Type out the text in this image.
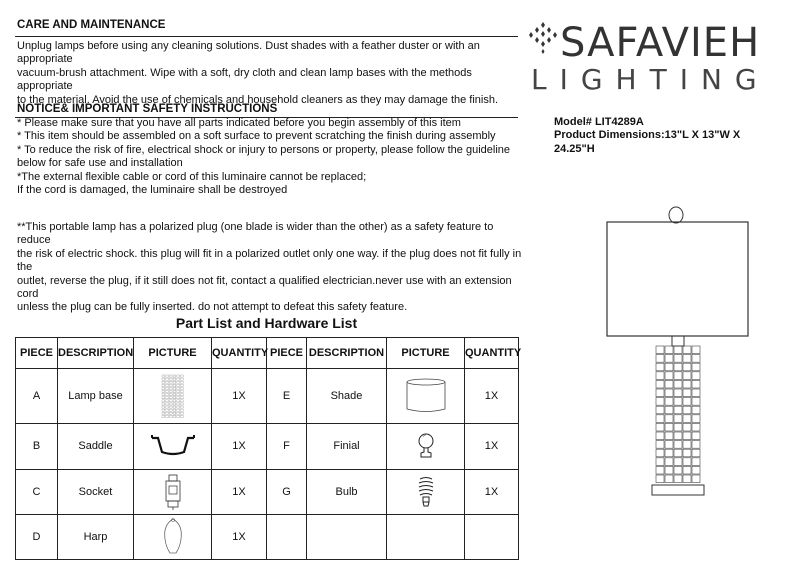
CARE AND MAINTENANCE
Unplug lamps before using any cleaning solutions. Dust shades with a feather duster or with an appropriate
vacuum-brush attachment. Wipe with a soft, dry cloth and clean lamp bases with the methods appropriate
to the material. Avoid the use of chemicals and household cleaners as they may damage the finish.
NOTICE& IMPORTANT SAFETY INSTRUCTIONS
* Please make sure that you have all parts indicated before you begin assembly of this item
* This item should be assembled on a soft surface to prevent scratching the finish during assembly
* To reduce the risk of fire, electrical shock or injury to persons or property, please follow the guideline
below for safe use and installation
*The external flexible cable or cord of this luminaire cannot be replaced;
If the cord is damaged, the luminaire shall be destroyed
**This portable lamp has a polarized plug (one blade is wider than the other) as a safety feature to reduce
the risk of electric shock. this plug will fit in a polarized outlet only one way. if the plug does not fit fully in the
outlet, reverse the plug, if it still does not fit, contact a qualified electrician.never use with an extension cord
unless the plug can be fully inserted. do not attempt to defeat this safety feature.
SAFAVIEH
LIGHTING
Model# LIT4289A
Product Dimensions:13"L X 13"W X
24.25"H
Part List and Hardware List
PIECE	DESCRIPTION	PICTURE	QUANTITY	PIECE	DESCRIPTION	PICTURE	QUANTITY
A	Lamp base		1X	E	Shade		1X
B	Saddle		1X	F	Finial		1X
C	Socket		1X	G	Bulb		1X
D	Harp		1X				
